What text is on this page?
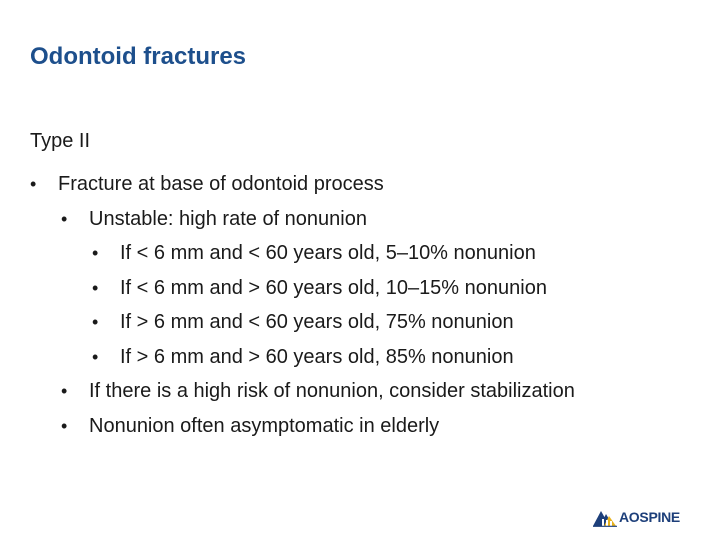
Odontoid fractures
Type II
• Fracture at base of odontoid process
• Unstable: high rate of nonunion
• If < 6 mm and < 60 years old, 5–10% nonunion
• If < 6 mm and > 60 years old, 10–15% nonunion
• If > 6 mm and < 60 years old, 75% nonunion
• If > 6 mm and > 60 years old, 85% nonunion
• If there is a high risk of nonunion, consider stabilization
• Nonunion often asymptomatic in elderly
AOSPINE
